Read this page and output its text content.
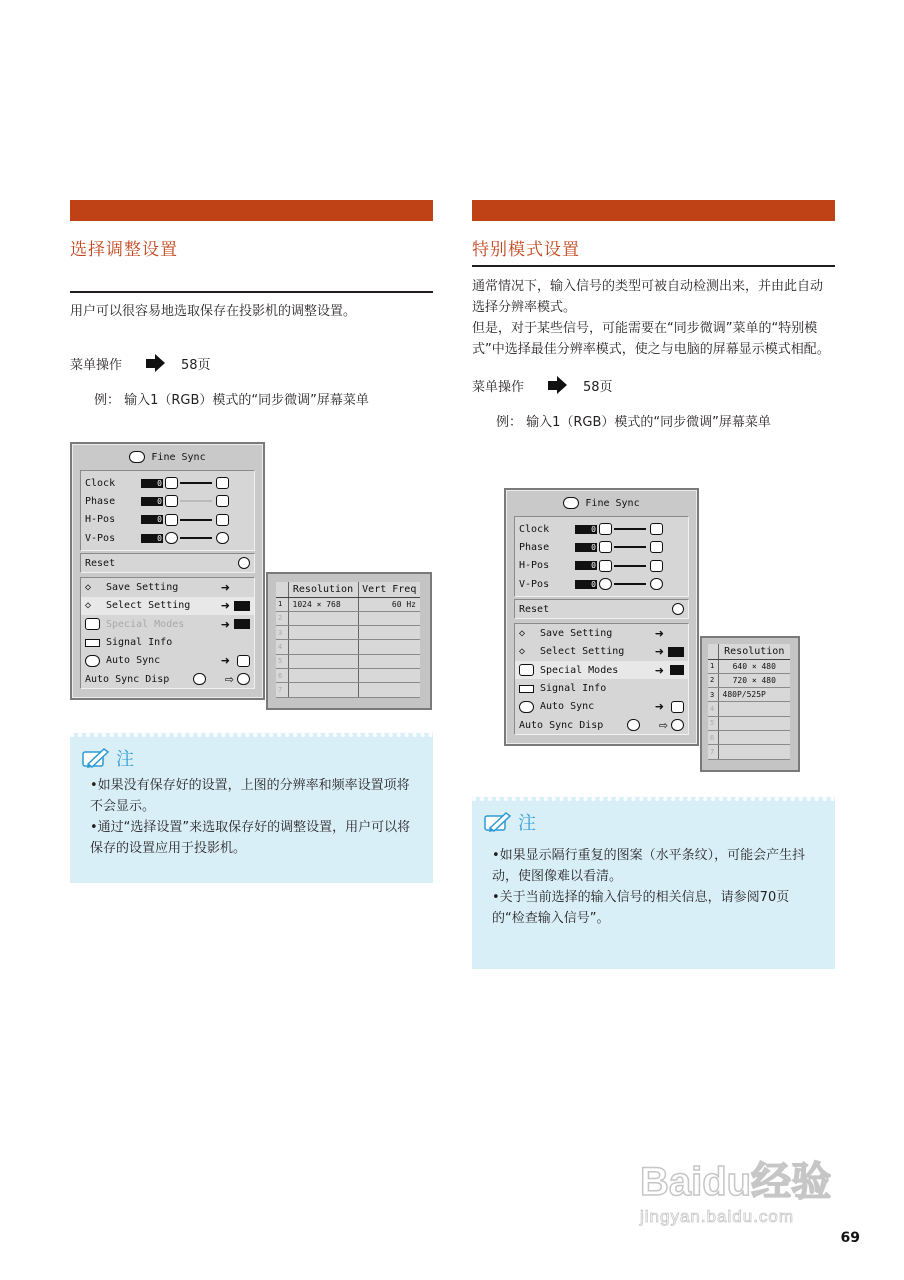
选择调整设置
用户可以很容易地选取保存在投影机的调整设置。
菜单操作	58页
例： 输入1（RGB）模式的“同步微调”屏幕菜单
Fine Sync
Clock	0
Phase	0
H-Pos	0
V-Pos	0
Reset
◇	Save Setting	➜
◇	Select Setting	➜
Special Modes	➜
Signal Info
Auto Sync	➜
Auto Sync Disp	⇨
	Resolution	Vert Freq
1	1024 × 768	60 Hz
2		
3		
4		
5		
6		
7		
注
•如果没有保存好的设置，上图的分辨率和频率设置项将不会显示。
•通过“选择设置”来选取保存好的调整设置，用户可以将保存的设置应用于投影机。
特别模式设置
通常情况下，输入信号的类型可被自动检测出来，并由此自动选择分辨率模式。
但是，对于某些信号，可能需要在“同步微调”菜单的“特别模式”中选择最佳分辨率模式，使之与电脑的屏幕显示模式相配。
菜单操作	58页
例： 输入1（RGB）模式的“同步微调”屏幕菜单
Fine Sync
Clock	0
Phase	0
H-Pos	0
V-Pos	0
Reset
◇	Save Setting	➜
◇	Select Setting	➜
Special Modes	➜
Signal Info
Auto Sync	➜
Auto Sync Disp	⇨
	Resolution
1	640 × 480
2	720 × 480
3	480P/525P
4	
5	
6	
7	
注
•如果显示隔行重复的图案（水平条纹），可能会产生抖动，使图像难以看清。
•关于当前选择的输入信号的相关信息，请参阅70页的“检查输入信号”。
Baidu经验
jingyan.baidu.com
69
